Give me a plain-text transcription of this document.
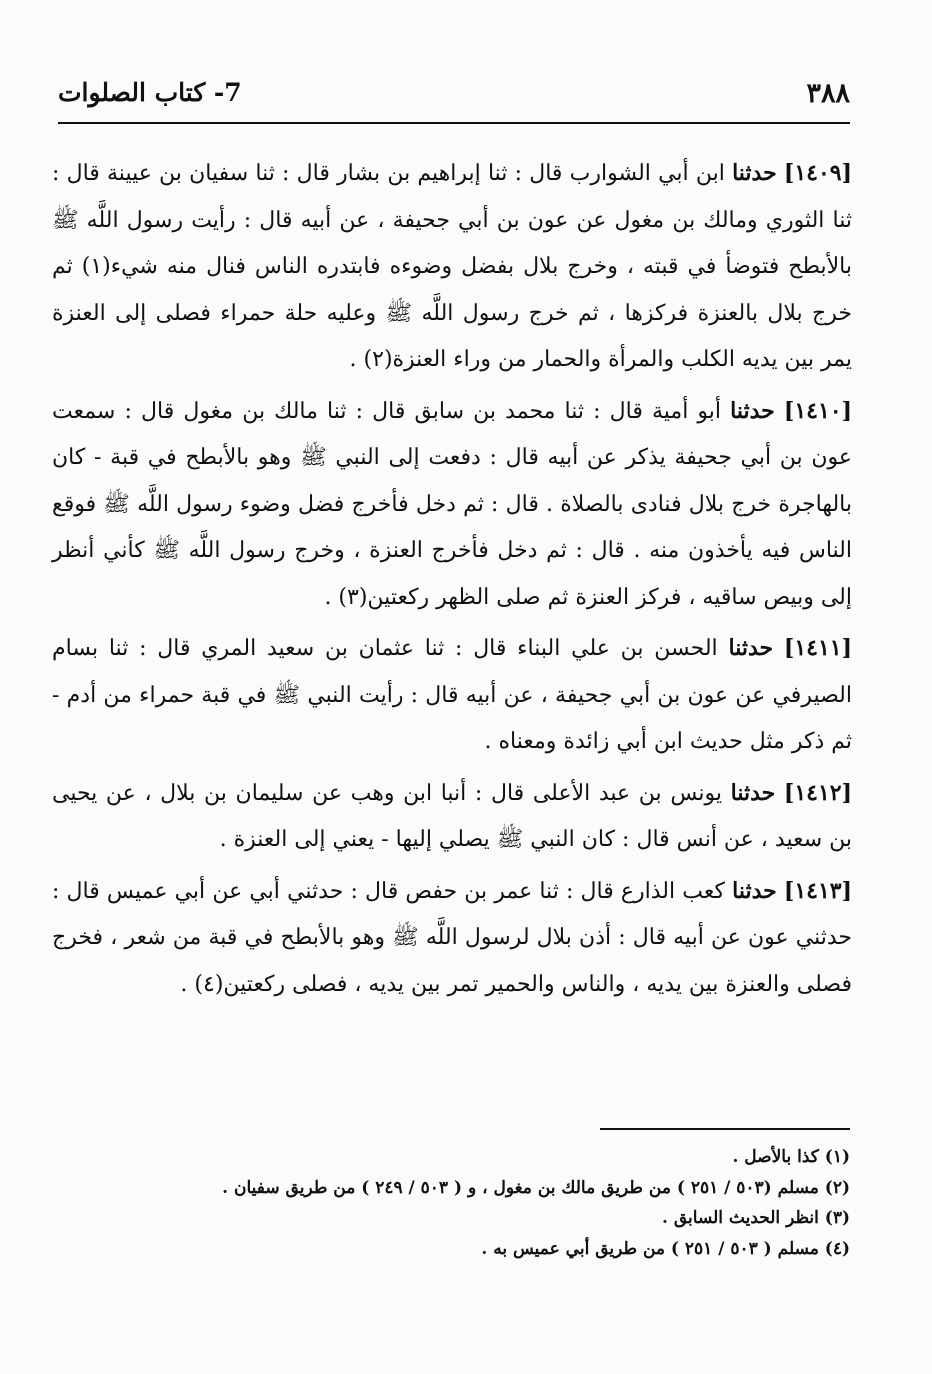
٣٨٨
7- كتاب الصلوات

[١٤٠٩] حدثنا ابن أبي الشوارب قال : ثنا إبراهيم بن بشار قال : ثنا سفيان بن عيينة قال : ثنا الثوري ومالك بن مغول عن عون بن أبي جحيفة ، عن أبيه قال : رأيت رسول اللَّه ﷺ بالأبطح فتوضأ في قبته ، وخرج بلال بفضل وضوءه فابتدره الناس فنال منه شيء(١) ثم خرج بلال بالعنزة فركزها ، ثم خرج رسول اللَّه ﷺ وعليه حلة حمراء فصلى إلى العنزة يمر بين يديه الكلب والمرأة والحمار من وراء العنزة(٢) .

[١٤١٠] حدثنا أبو أمية قال : ثنا محمد بن سابق قال : ثنا مالك بن مغول قال : سمعت عون بن أبي جحيفة يذكر عن أبيه قال : دفعت إلى النبي ﷺ وهو بالأبطح في قبة - كان بالهاجرة خرج بلال فنادى بالصلاة . قال : ثم دخل فأخرج فضل وضوء رسول اللَّه ﷺ فوقع الناس فيه يأخذون منه . قال : ثم دخل فأخرج العنزة ، وخرج رسول اللَّه ﷺ كأني أنظر إلى وبيص ساقيه ، فركز العنزة ثم صلى الظهر ركعتين(٣) .

[١٤١١] حدثنا الحسن بن علي البناء قال : ثنا عثمان بن سعيد المري قال : ثنا بسام الصيرفي عن عون بن أبي جحيفة ، عن أبيه قال : رأيت النبي ﷺ في قبة حمراء من أدم - ثم ذكر مثل حديث ابن أبي زائدة ومعناه .

[١٤١٢] حدثنا يونس بن عبد الأعلى قال : أنبا ابن وهب عن سليمان بن بلال ، عن يحيى بن سعيد ، عن أنس قال : كان النبي ﷺ يصلي إليها - يعني إلى العنزة .

[١٤١٣] حدثنا كعب الذارع قال : ثنا عمر بن حفص قال : حدثني أبي عن أبي عميس قال : حدثني عون عن أبيه قال : أذن بلال لرسول اللَّه ﷺ وهو بالأبطح في قبة من شعر ، فخرج فصلى والعنزة بين يديه ، والناس والحمير تمر بين يديه ، فصلى ركعتين(٤) .

(١) كذا بالأصل .
(٢) مسلم (٥٠٣ / ٢٥١ ) من طريق مالك بن مغول ، و ( ٥٠٣ / ٢٤٩ ) من طريق سفيان .
(٣) انظر الحديث السابق .
(٤) مسلم ( ٥٠٣ / ٢٥١ ) من طريق أبي عميس به .
